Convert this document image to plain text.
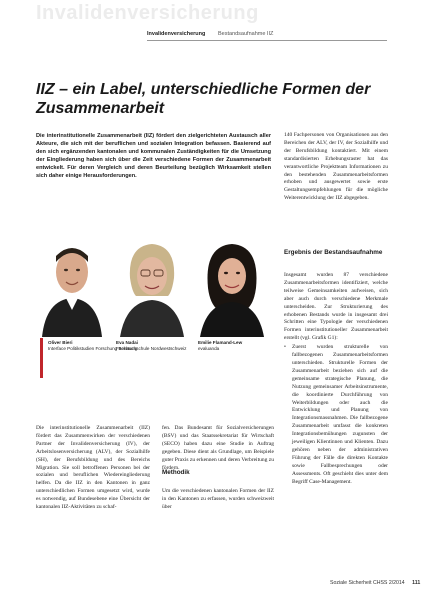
Invalidenversicherung
Invalidenversicherung Bestandsaufnahme IIZ
IIZ – ein Label, unterschiedliche Formen der Zusammenarbeit

Die interinstitutionelle Zusammenarbeit (IIZ) fördert den zielgerichteten Austausch aller Akteure, die sich mit der beruflichen und sozialen Integration befassen. Basierend auf den sich ergänzenden kantonalen und kommunalen Zuständigkeiten für die Umsetzung der Eingliederung haben sich über die Zeit verschiedene Formen der Zusammenarbeit entwickelt. Für deren Vergleich und deren Beurteilung bezüglich Wirksamkeit stellen sich daher einige Herausforderungen.

Oliver Bieri
Interface Politikstudien Forschung Beratung
Eva Nadai
Fachhochschule Nordwestschweiz
Emilie Flamand-Lew
evaluanda

Die interinstitutionelle Zusammenarbeit (IIZ) fördert das Zusammenwirken der verschiedenen Partner der Invalidenversicherung (IV), der Arbeitslosenversicherung (ALV), der Sozialhilfe (SH), der Berufsbildung und des Bereichs Migration. Sie soll betroffenen Personen bei der sozialen und beruflichen Wiedereingliederung helfen. Da die IIZ in den Kantonen in ganz unterschiedlichen Formen umgesetzt wird, wurde es notwendig, auf Bundesebene eine Übersicht der kantonalen IIZ-Aktivitäten zu schaf-

fen. Das Bundesamt für Sozialversicherungen (BSV) und das Staatssekretariat für Wirtschaft (SECO) haben dazu eine Studie in Auftrag gegeben. Diese dient als Grundlage, um Beispiele guter Praxis zu erkennen und deren Verbreitung zu fördern.

Methodik

Um die verschiedenen kantonalen Formen der IIZ in den Kantonen zu erfassen, wurden schweizweit über

140 Fachpersonen von Organisationen aus den Bereichen der ALV, der IV, der Sozialhilfe und der Berufsbildung kontaktiert. Mit einem standardisierten Erhebungsraster hat das verantwortliche Projektteam Informationen zu den bestehenden Zusammenarbeitsformen erhoben und ausgewertet sowie erste Gestaltungsempfehlungen für die mögliche Weiterentwicklung der IIZ abgegeben.

Ergebnis der Bestandsaufnahme

Insgesamt wurden 87 verschiedene Zusammenarbeitsformen identifiziert, welche teilweise Gemeinsamkeiten aufweisen, sich aber auch durch verschiedene Merkmale unterscheiden. Zur Strukturierung des erhobenen Bestands wurde in insgesamt drei Schritten eine Typologie der verschiedenen Formen interinstitutioneller Zusammenarbeit erstellt (vgl. Grafik G1):

•	Zuerst wurden strukturelle von fallbezogenen Zusammenarbeitsformen unterschieden. Strukturelle Formen der Zusammenarbeit beziehen sich auf die gemeinsame strategische Planung, die Nutzung gemeinsamer Arbeitsinstrumente, die koordinierte Durchführung von Weiterbildungen oder auch die Entwicklung und Planung von Integrationsmassnahmen. Die fallbezogene Zusammenarbeit umfasst die konkreten Integrationsbemühungen zugunsten der jeweiligen Klientinnen und Klienten. Dazu gehören neben der administrativen Führung der Fälle die direkten Kontakte sowie Fallbesprechungen oder Assessments. Oft geschieht dies unter dem Begriff Case-Management.
Soziale Sicherheit CHSS 2/2014 111
